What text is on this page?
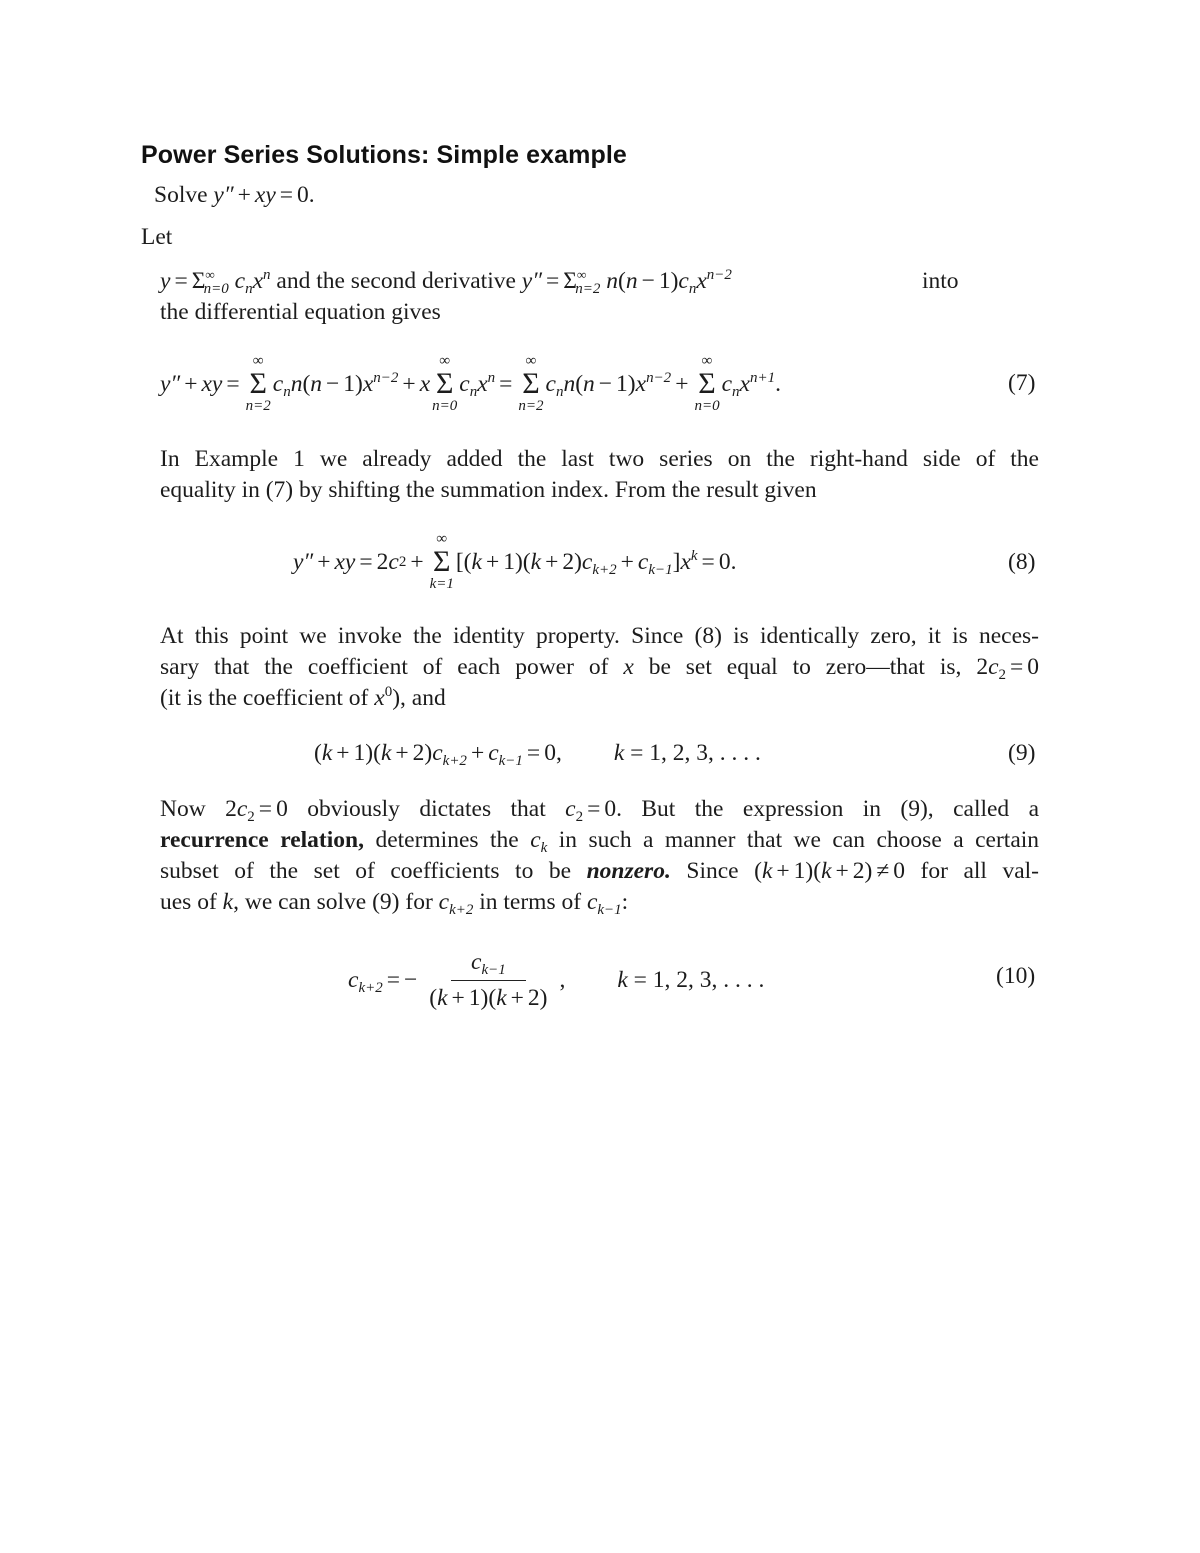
Power Series Solutions: Simple example
Solve y″ + xy = 0.
Let
$y = \Sigma^\infty_{n=0}$ $c_nx^n$ and the second derivative $y'' = \Sigma^\infty_{n=2}$ $n(n - 1)c_nx^{n-2}$	into
the differential equation gives
y″ + xy =
∞
Σ
n=2
$c_nn$ ( n − 1) $x^{n-2} + x$
∞
Σ
n=0
$c_nx^n$ =
∞
Σ
n=2
$c_nn$ ( n − 1) $x^{n-2}$ +
∞
Σ
n=0
$c_nx^{n+1}$ .	(7)
In Example 1 we already added the last two series on the right-hand side of the
equality in (7) by shifting the summation index. From the result given
y″ + xy = 2 c 2 +
∞
Σ
k=1
[( k + 1)( k + 2) $c_{k+2} + c_{k-1}$ ] $x^k = 0$.	(8)
At this point we invoke the identity property. Since (8) is identically zero, it is neces-
sary that the coefficient of each power of x be set equal to zero—that is, $2c_2 = 0$
(it is the coefficient of $x^0$), and
( k + 1)( k + 2) $c_{k+2} + c_{k-1} = 0$, k
= 1, 2, 3, . . . .	(9)
Now $2c_2 = 0$ obviously dictates that $c_2 = 0$. But the expression in (9), called a
recurrence relation, determines the $c_k$ in such a manner that we can choose a certain
subset of the set of coefficients to be nonzero. Since (k + 1)(k + 2) ≠ 0 for all val-
ues of k, we can solve (9) for $c_{k+2}$ in terms of $c_{k-1}$:
$c_{k+2}$ = − $\frac{c_{k-1}}{(k + 1)(k + 2)}$ , k
= 1, 2, 3, . . . .	(10)
